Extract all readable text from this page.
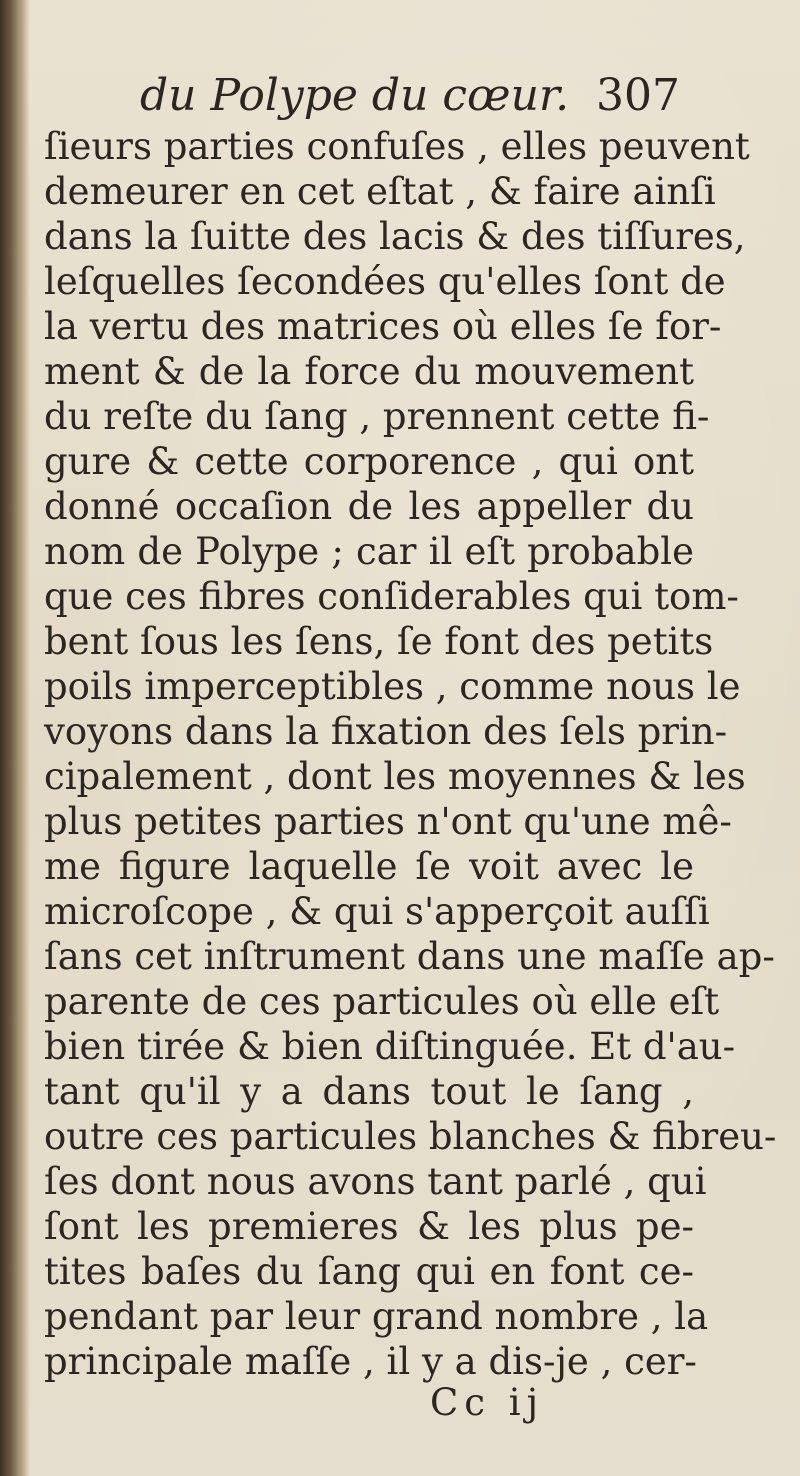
du Polype du cœur. 307
ſieurs parties confuſes , elles peuvent
demeurer en cet eſtat , & faire ainſi
dans la ſuitte des lacis & des tiſſures,
leſquelles ſecondées qu'elles ſont de
la vertu des matrices où elles ſe for-
ment & de la force du mouvement
du reſte du ſang , prennent cette fi-
gure & cette corporence , qui ont
donné occaſion de les appeller du
nom de Polype ; car il eſt probable
que ces fibres conſiderables qui tom-
bent ſous les ſens, ſe font des petits
poils imperceptibles , comme nous le
voyons dans la fixation des ſels prin-
cipalement , dont les moyennes & les
plus petites parties n'ont qu'une mê-
me figure laquelle ſe voit avec le
microſcope , & qui s'apperçoit auſſi
ſans cet inſtrument dans une maſſe ap-
parente de ces particules où elle eſt
bien tirée & bien diſtinguée. Et d'au-
tant qu'il y a dans tout le ſang ,
outre ces particules blanches & fibreu-
ſes dont nous avons tant parlé , qui
ſont les premieres & les plus pe-
tites baſes du ſang qui en font ce-
pendant par leur grand nombre , la
principale maſſe , il y a dis-je , cer-
Cc ij
